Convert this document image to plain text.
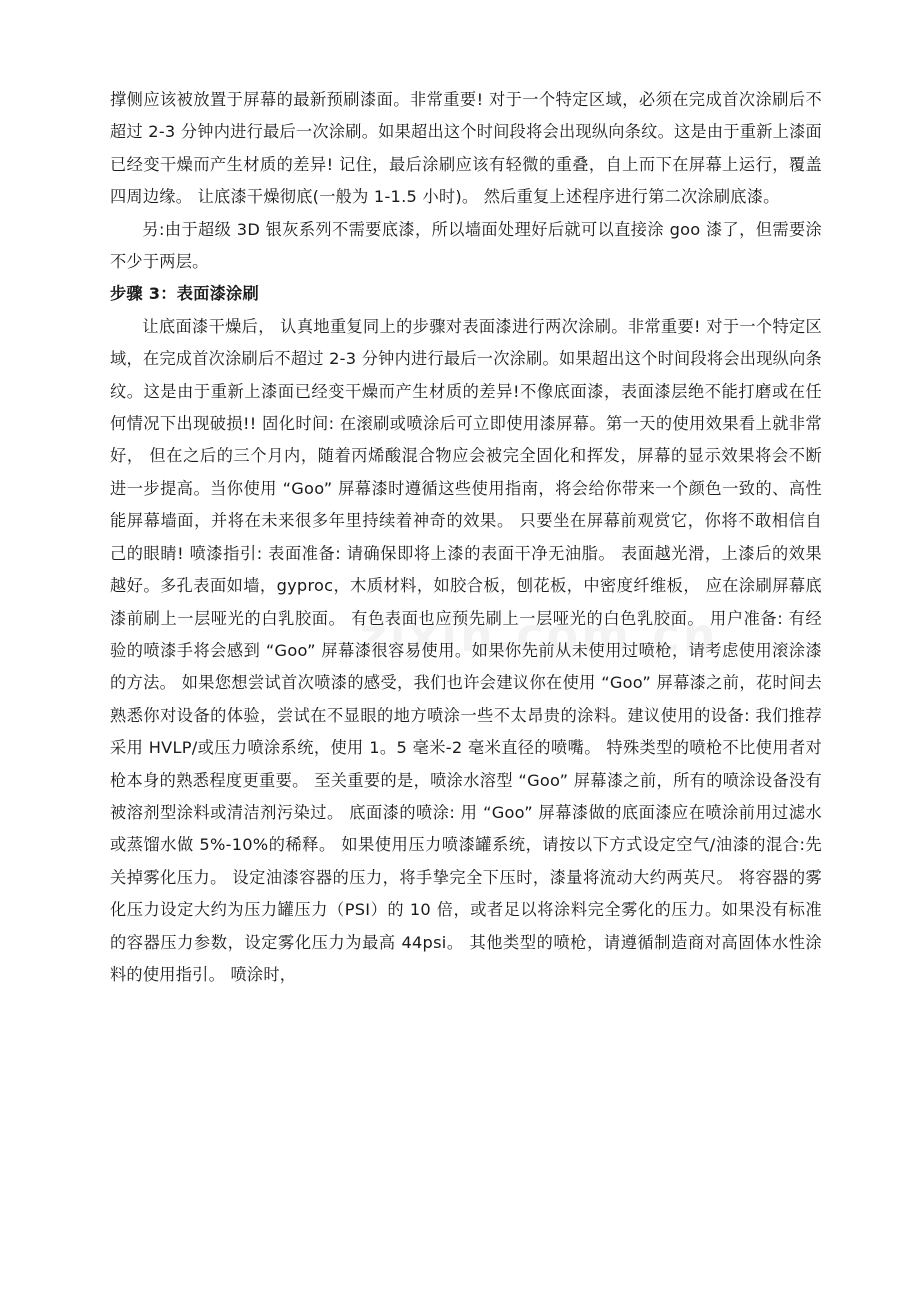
撑侧应该被放置于屏幕的最新预刷漆面。非常重要! 对于一个特定区域，必须在完成首次涂刷后不超过 2-3 分钟内进行最后一次涂刷。如果超出这个时间段将会出现纵向条纹。这是由于重新上漆面已经变干燥而产生材质的差异! 记住，最后涂刷应该有轻微的重叠，自上而下在屏幕上运行，覆盖四周边缘。 让底漆干燥彻底(一般为 1-1.5 小时)。 然后重复上述程序进行第二次涂刷底漆。

另:由于超级 3D 银灰系列不需要底漆，所以墙面处理好后就可以直接涂 goo 漆了，但需要涂不少于两层。

步骤 3：表面漆涂刷

让底面漆干燥后， 认真地重复同上的步骤对表面漆进行两次涂刷。非常重要! 对于一个特定区域，在完成首次涂刷后不超过 2-3 分钟内进行最后一次涂刷。如果超出这个时间段将会出现纵向条纹。这是由于重新上漆面已经变干燥而产生材质的差异!不像底面漆，表面漆层绝不能打磨或在任何情况下出现破损!! 固化时间: 在滚刷或喷涂后可立即使用漆屏幕。第一天的使用效果看上就非常好， 但在之后的三个月内，随着丙烯酸混合物应会被完全固化和挥发，屏幕的显示效果将会不断进一步提高。当你使用 “Goo” 屏幕漆时遵循这些使用指南，将会给你带来一个颜色一致的、高性能屏幕墙面，并将在未来很多年里持续着神奇的效果。 只要坐在屏幕前观赏它，你将不敢相信自己的眼睛! 喷漆指引: 表面准备: 请确保即将上漆的表面干净无油脂。 表面越光滑，上漆后的效果越好。多孔表面如墙，gyproc，木质材料，如胶合板，刨花板，中密度纤维板， 应在涂刷屏幕底漆前刷上一层哑光的白乳胶面。 有色表面也应预先刷上一层哑光的白色乳胶面。 用户准备: 有经验的喷漆手将会感到 “Goo” 屏幕漆很容易使用。如果你先前从未使用过喷枪，请考虑使用滚涂漆的方法。 如果您想尝试首次喷漆的感受，我们也许会建议你在使用 “Goo” 屏幕漆之前，花时间去熟悉你对设备的体验，尝试在不显眼的地方喷涂一些不太昂贵的涂料。建议使用的设备: 我们推荐采用 HVLP/或压力喷涂系统，使用 1。5 毫米-2 毫米直径的喷嘴。 特殊类型的喷枪不比使用者对枪本身的熟悉程度更重要。 至关重要的是，喷涂水溶型 “Goo” 屏幕漆之前，所有的喷涂设备没有被溶剂型涂料或清洁剂污染过。 底面漆的喷涂: 用 “Goo” 屏幕漆做的底面漆应在喷涂前用过滤水或蒸馏水做 5%-10%的稀释。 如果使用压力喷漆罐系统，请按以下方式设定空气/油漆的混合:先关掉雾化压力。 设定油漆容器的压力，将手挚完全下压时，漆量将流动大约两英尺。 将容器的雾化压力设定大约为压力罐压力（PSI）的 10 倍，或者足以将涂料完全雾化的压力。如果没有标准的容器压力参数，设定雾化压力为最高 44psi。 其他类型的喷枪，请遵循制造商对高固体水性涂料的使用指引。 喷涂时，
